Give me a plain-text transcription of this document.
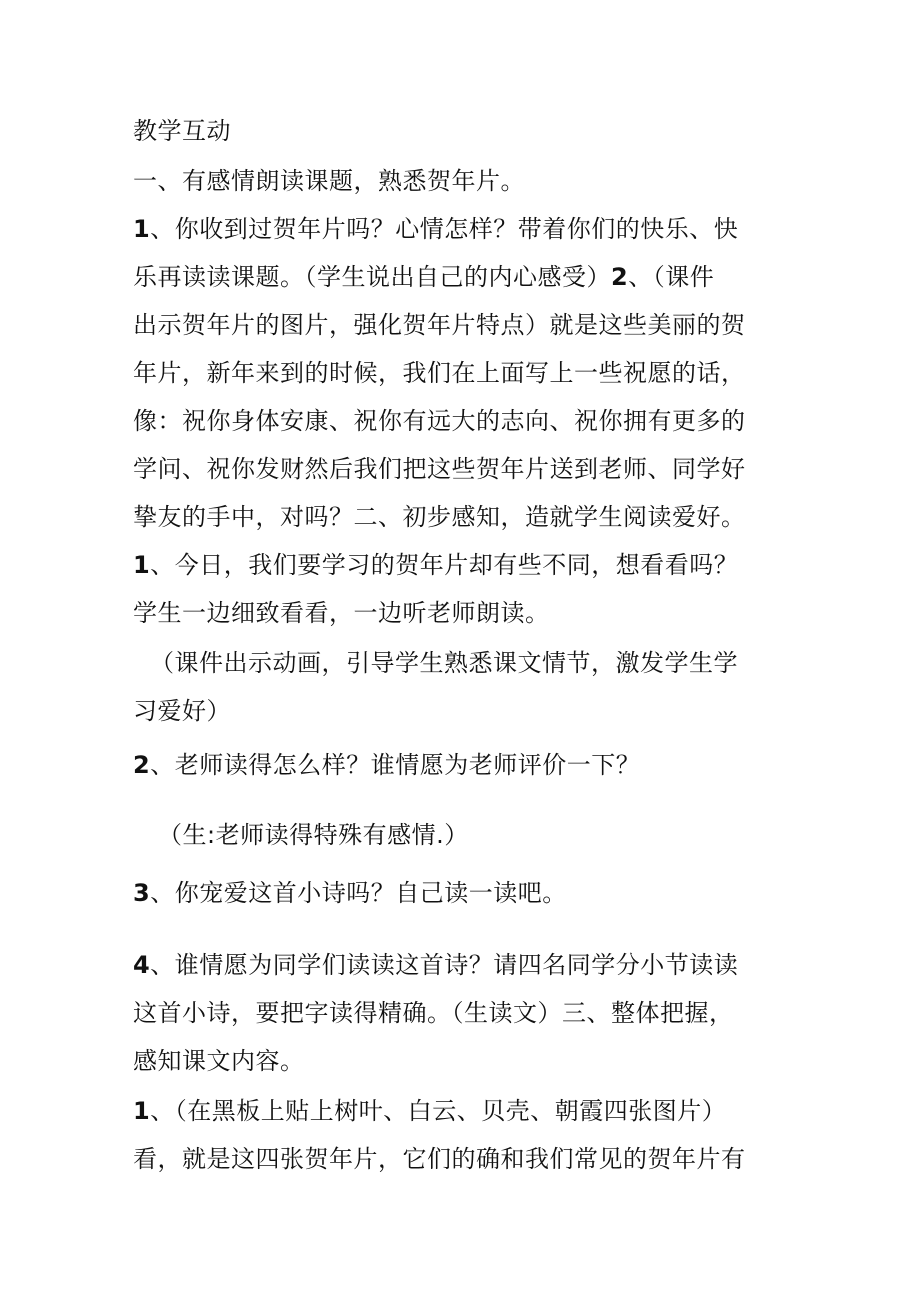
教学互动

一、有感情朗读课题，熟悉贺年片。

1、你收到过贺年片吗？心情怎样？带着你们的快乐、快

乐再读读课题。（学生说出自己的内心感受）2、（课件

出示贺年片的图片，强化贺年片特点）就是这些美丽的贺

年片，新年来到的时候，我们在上面写上一些祝愿的话，

像：祝你身体安康、祝你有远大的志向、祝你拥有更多的

学问、祝你发财然后我们把这些贺年片送到老师、同学好

挚友的手中，对吗？二、初步感知，造就学生阅读爱好。

1、今日，我们要学习的贺年片却有些不同，想看看吗？

学生一边细致看看，一边听老师朗读。

（课件出示动画，引导学生熟悉课文情节，激发学生学

习爱好）

2、老师读得怎么样？谁情愿为老师评价一下？

（生:老师读得特殊有感情.）

3、你宠爱这首小诗吗？自己读一读吧。

4、谁情愿为同学们读读这首诗？请四名同学分小节读读

这首小诗，要把字读得精确。（生读文）三、整体把握，

感知课文内容。

1、（在黑板上贴上树叶、白云、贝壳、朝霞四张图片）

看，就是这四张贺年片，它们的确和我们常见的贺年片有
